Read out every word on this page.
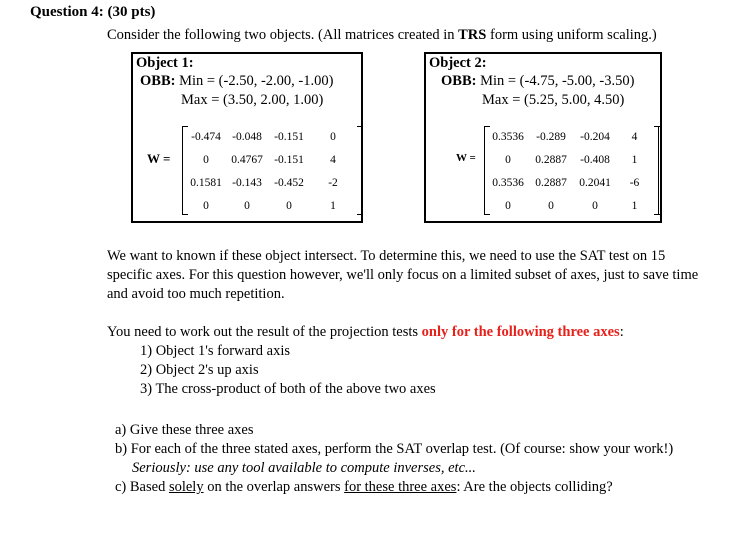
Question 4: (30 pts)
Consider the following two objects. (All matrices created in TRS form using uniform scaling.)
Object 1:
OBB: Min = (-2.50, -2.00, -1.00)
Max = (3.50, 2.00, 1.00)
W =
-0.474	-0.048	-0.151	0
0	0.4767	-0.151	4
0.1581	-0.143	-0.452	-2
0	0	0	1
Object 2:
OBB: Min = (-4.75, -5.00, -3.50)
Max = (5.25, 5.00, 4.50)
W =
0.3536	-0.289	-0.204	4
0	0.2887	-0.408	1
0.3536	0.2887	0.2041	-6
0	0	0	1
We want to known if these object intersect. To determine this, we need to use the SAT test on 15
specific axes. For this question however, we'll only focus on a limited subset of axes, just to save time
and avoid too much repetition.
You need to work out the result of the projection tests only for the following three axes:
1) Object 1's forward axis
2) Object 2's up axis
3) The cross-product of both of the above two axes
a) Give these three axes
b) For each of the three stated axes, perform the SAT overlap test. (Of course: show your work!)
Seriously: use any tool available to compute inverses, etc...
c) Based solely on the overlap answers for these three axes: Are the objects colliding?
